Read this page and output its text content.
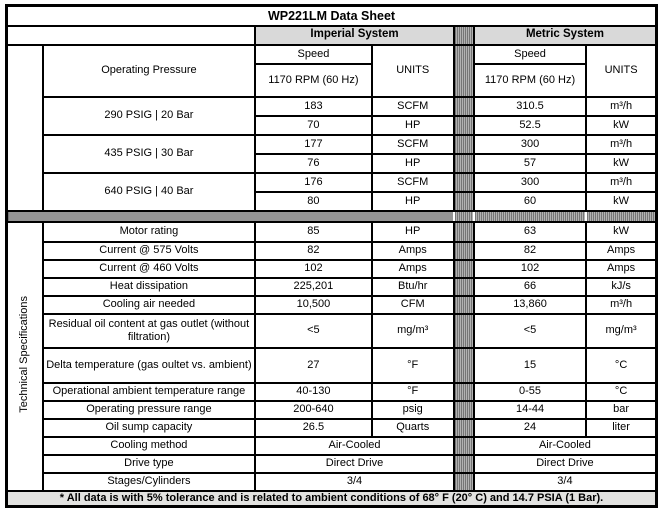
WP221LM Data Sheet						
		Imperial System			Metric System	
	Operating Pressure	Speed	UNITS		Speed	UNITS
		1170 RPM (60 Hz)			1170 RPM (60 Hz)	
	290 PSIG | 20 Bar	183	SCFM		310.5	m³/h
		70	HP		52.5	kW
	435 PSIG | 30 Bar	177	SCFM		300	m³/h
		76	HP		57	kW
	640 PSIG | 40 Bar	176	SCFM		300	m³/h
		80	HP		60	kW

Technical Specifications	Motor rating	85	HP		63	kW
	Current @ 575 Volts	82	Amps		82	Amps
	Current @ 460 Volts	102	Amps		102	Amps
	Heat dissipation	225,201	Btu/hr		66	kJ/s
	Cooling air needed	10,500	CFM		13,860	m³/h
	Residual oil content at gas outlet (without filtration)	<5	mg/m³		<5	mg/m³
	Delta temperature (gas oultet vs. ambient)	27	°F		15	°C
	Operational ambient temperature range	40-130	°F		0-55	°C
	Operating pressure range	200-640	psig		14-44	bar
	Oil sump capacity	26.5	Quarts		24	liter
	Cooling method	Air-Cooled			Air-Cooled	
	Drive type	Direct Drive			Direct Drive	
	Stages/Cylinders	3/4			3/4	
* All data is with 5% tolerance and is related to ambient conditions of 68° F (20° C) and 14.7 PSIA (1 Bar).						
